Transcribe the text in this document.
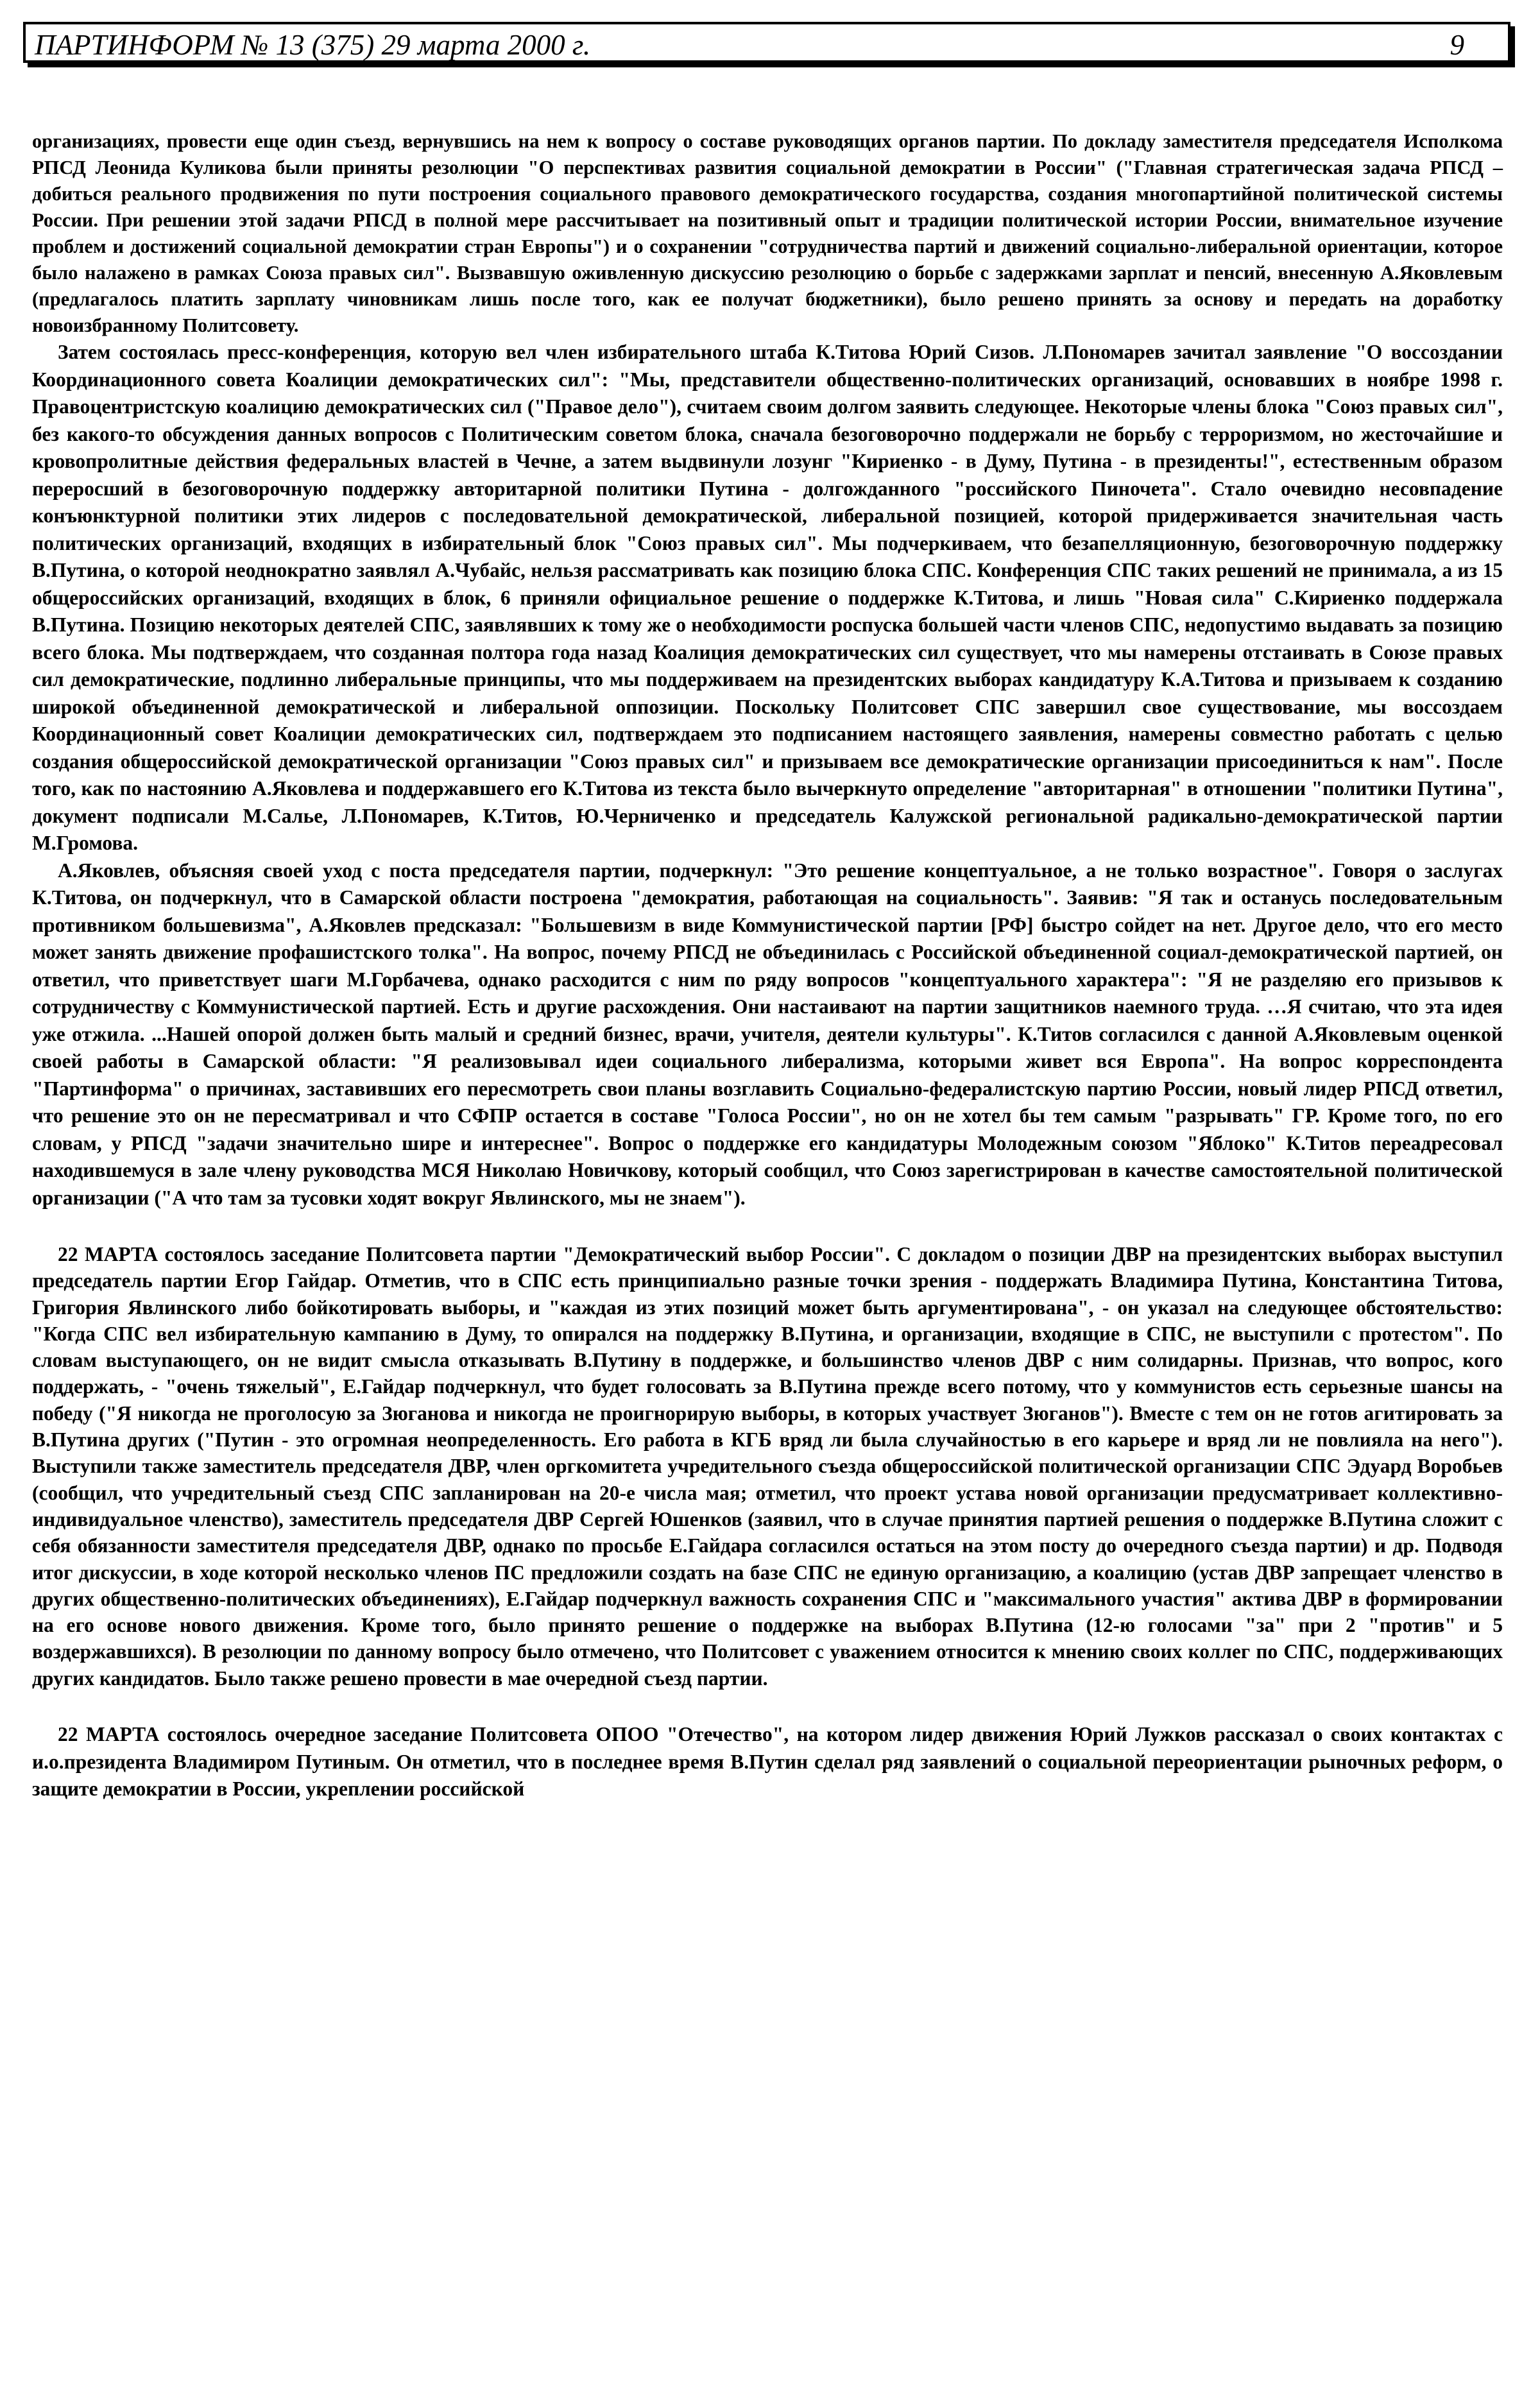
ПАРТИНФОРМ № 13 (375) 29 марта 2000 г.	9

организациях, провести еще один съезд, вернувшись на нем к вопросу о составе руководящих органов партии. По докладу заместителя председателя Исполкома РПСД Леонида Куликова были приняты резолюции "О перспективах развития социальной демократии в России" ("Главная стратегическая задача РПСД – добиться реального продвижения по пути построения социального правового демократического государства, создания многопартийной политической системы России. При решении этой задачи РПСД в полной мере рассчитывает на позитивный опыт и традиции политической истории России, внимательное изучение проблем и достижений социальной демократии стран Европы") и о сохранении "сотрудничества партий и движений социально-либеральной ориентации, которое было налажено в рамках Союза правых сил". Вызвавшую оживленную дискуссию резолюцию о борьбе с задержками зарплат и пенсий, внесенную А.Яковлевым (предлагалось платить зарплату чиновникам лишь после того, как ее получат бюджетники), было решено принять за основу и передать на доработку новоизбранному Политсовету.

Затем состоялась пресс-конференция, которую вел член избирательного штаба К.Титова Юрий Сизов. Л.Пономарев зачитал заявление "О воссоздании Координационного совета Коалиции демократических сил": "Мы, представители общественно-политических организаций, основавших в ноябре 1998 г. Правоцентристскую коалицию демократических сил ("Правое дело"), считаем своим долгом заявить следующее. Некоторые члены блока "Союз правых сил", без какого-то обсуждения данных вопросов с Политическим советом блока, сначала безоговорочно поддержали не борьбу с терроризмом, но жесточайшие и кровопролитные действия федеральных властей в Чечне, а затем выдвинули лозунг "Кириенко - в Думу, Путина - в президенты!", естественным образом переросший в безоговорочную поддержку авторитарной политики Путина - долгожданного "российского Пиночета". Стало очевидно несовпадение конъюнктурной политики этих лидеров с последовательной демократической, либеральной позицией, которой придерживается значительная часть политических организаций, входящих в избирательный блок "Союз правых сил". Мы подчеркиваем, что безапелляционную, безоговорочную поддержку В.Путина, о которой неоднократно заявлял А.Чубайс, нельзя рассматривать как позицию блока СПС. Конференция СПС таких решений не принимала, а из 15 общероссийских организаций, входящих в блок, 6 приняли официальное решение о поддержке К.Титова, и лишь "Новая сила" С.Кириенко поддержала В.Путина. Позицию некоторых деятелей СПС, заявлявших к тому же о необходимости роспуска большей части членов СПС, недопустимо выдавать за позицию всего блока. Мы подтверждаем, что созданная полтора года назад Коалиция демократических сил существует, что мы намерены отстаивать в Союзе правых сил демократические, подлинно либеральные принципы, что мы поддерживаем на президентских выборах кандидатуру К.А.Титова и призываем к созданию широкой объединенной демократической и либеральной оппозиции. Поскольку Политсовет СПС завершил свое существование, мы воссоздаем Координационный совет Коалиции демократических сил, подтверждаем это подписанием настоящего заявления, намерены совместно работать с целью создания общероссийской демократической организации "Союз правых сил" и призываем все демократические организации присоединиться к нам". После того, как по настоянию А.Яковлева и поддержавшего его К.Титова из текста было вычеркнуто определение "авторитарная" в отношении "политики Путина", документ подписали М.Салье, Л.Пономарев, К.Титов, Ю.Черниченко и председатель Калужской региональной радикально-демократической партии М.Громова.

А.Яковлев, объясняя своей уход с поста председателя партии, подчеркнул: "Это решение концептуальное, а не только возрастное". Говоря о заслугах К.Титова, он подчеркнул, что в Самарской области построена "демократия, работающая на социальность". Заявив: "Я так и останусь последовательным противником большевизма", А.Яковлев предсказал: "Большевизм в виде Коммунистической партии [РФ] быстро сойдет на нет. Другое дело, что его место может занять движение профашистского толка". На вопрос, почему РПСД не объединилась с Российской объединенной социал-демократической партией, он ответил, что приветствует шаги М.Горбачева, однако расходится с ним по ряду вопросов "концептуального характера": "Я не разделяю его призывов к сотрудничеству с Коммунистической партией. Есть и другие расхождения. Они настаивают на партии защитников наемного труда. …Я считаю, что эта идея уже отжила. ...Нашей опорой должен быть малый и средний бизнес, врачи, учителя, деятели культуры". К.Титов согласился с данной А.Яковлевым оценкой своей работы в Самарской области: "Я реализовывал идеи социального либерализма, которыми живет вся Европа". На вопрос корреспондента "Партинформа" о причинах, заставивших его пересмотреть свои планы возглавить Социально-федералистскую партию России, новый лидер РПСД ответил, что решение это он не пересматривал и что СФПР остается в составе "Голоса России", но он не хотел бы тем самым "разрывать" ГР. Кроме того, по его словам, у РПСД "задачи значительно шире и интереснее". Вопрос о поддержке его кандидатуры Молодежным союзом "Яблоко" К.Титов переадресовал находившемуся в зале члену руководства МСЯ Николаю Новичкову, который сообщил, что Союз зарегистрирован в качестве самостоятельной политической организации ("А что там за тусовки ходят вокруг Явлинского, мы не знаем").

22 МАРТА состоялось заседание Политсовета партии "Демократический выбор России". С докладом о позиции ДВР на президентских выборах выступил председатель партии Егор Гайдар. Отметив, что в СПС есть принципиально разные точки зрения - поддержать Владимира Путина, Константина Титова, Григория Явлинского либо бойкотировать выборы, и "каждая из этих позиций может быть аргументирована", - он указал на следующее обстоятельство: "Когда СПС вел избирательную кампанию в Думу, то опирался на поддержку В.Путина, и организации, входящие в СПС, не выступили с протестом". По словам выступающего, он не видит смысла отказывать В.Путину в поддержке, и большинство членов ДВР с ним солидарны. Признав, что вопрос, кого поддержать, - "очень тяжелый", Е.Гайдар подчеркнул, что будет голосовать за В.Путина прежде всего потому, что у коммунистов есть серьезные шансы на победу ("Я никогда не проголосую за Зюганова и никогда не проигнорирую выборы, в которых участвует Зюганов"). Вместе с тем он не готов агитировать за В.Путина других ("Путин - это огромная неопределенность. Его работа в КГБ вряд ли была случайностью в его карьере и вряд ли не повлияла на него"). Выступили также заместитель председателя ДВР, член оргкомитета учредительного съезда общероссийской политической организации СПС Эдуард Воробьев (сообщил, что учредительный съезд СПС запланирован на 20-е числа мая; отметил, что проект устава новой организации предусматривает коллективно-индивидуальное членство), заместитель председателя ДВР Сергей Юшенков (заявил, что в случае принятия партией решения о поддержке В.Путина сложит с себя обязанности заместителя председателя ДВР, однако по просьбе Е.Гайдара согласился остаться на этом посту до очередного съезда партии) и др. Подводя итог дискуссии, в ходе которой несколько членов ПС предложили создать на базе СПС не единую организацию, а коалицию (устав ДВР запрещает членство в других общественно-политических объединениях), Е.Гайдар подчеркнул важность сохранения СПС и "максимального участия" актива ДВР в формировании на его основе нового движения. Кроме того, было принято решение о поддержке на выборах В.Путина (12-ю голосами "за" при 2 "против" и 5 воздержавшихся). В резолюции по данному вопросу было отмечено, что Политсовет с уважением относится к мнению своих коллег по СПС, поддерживающих других кандидатов. Было также решено провести в мае очередной съезд партии.

22 МАРТА состоялось очередное заседание Политсовета ОПОО "Отечество", на котором лидер движения Юрий Лужков рассказал о своих контактах с и.о.президента Владимиром Путиным. Он отметил, что в последнее время В.Путин сделал ряд заявлений о социальной переориентации рыночных реформ, о защите демократии в России, укреплении российской
